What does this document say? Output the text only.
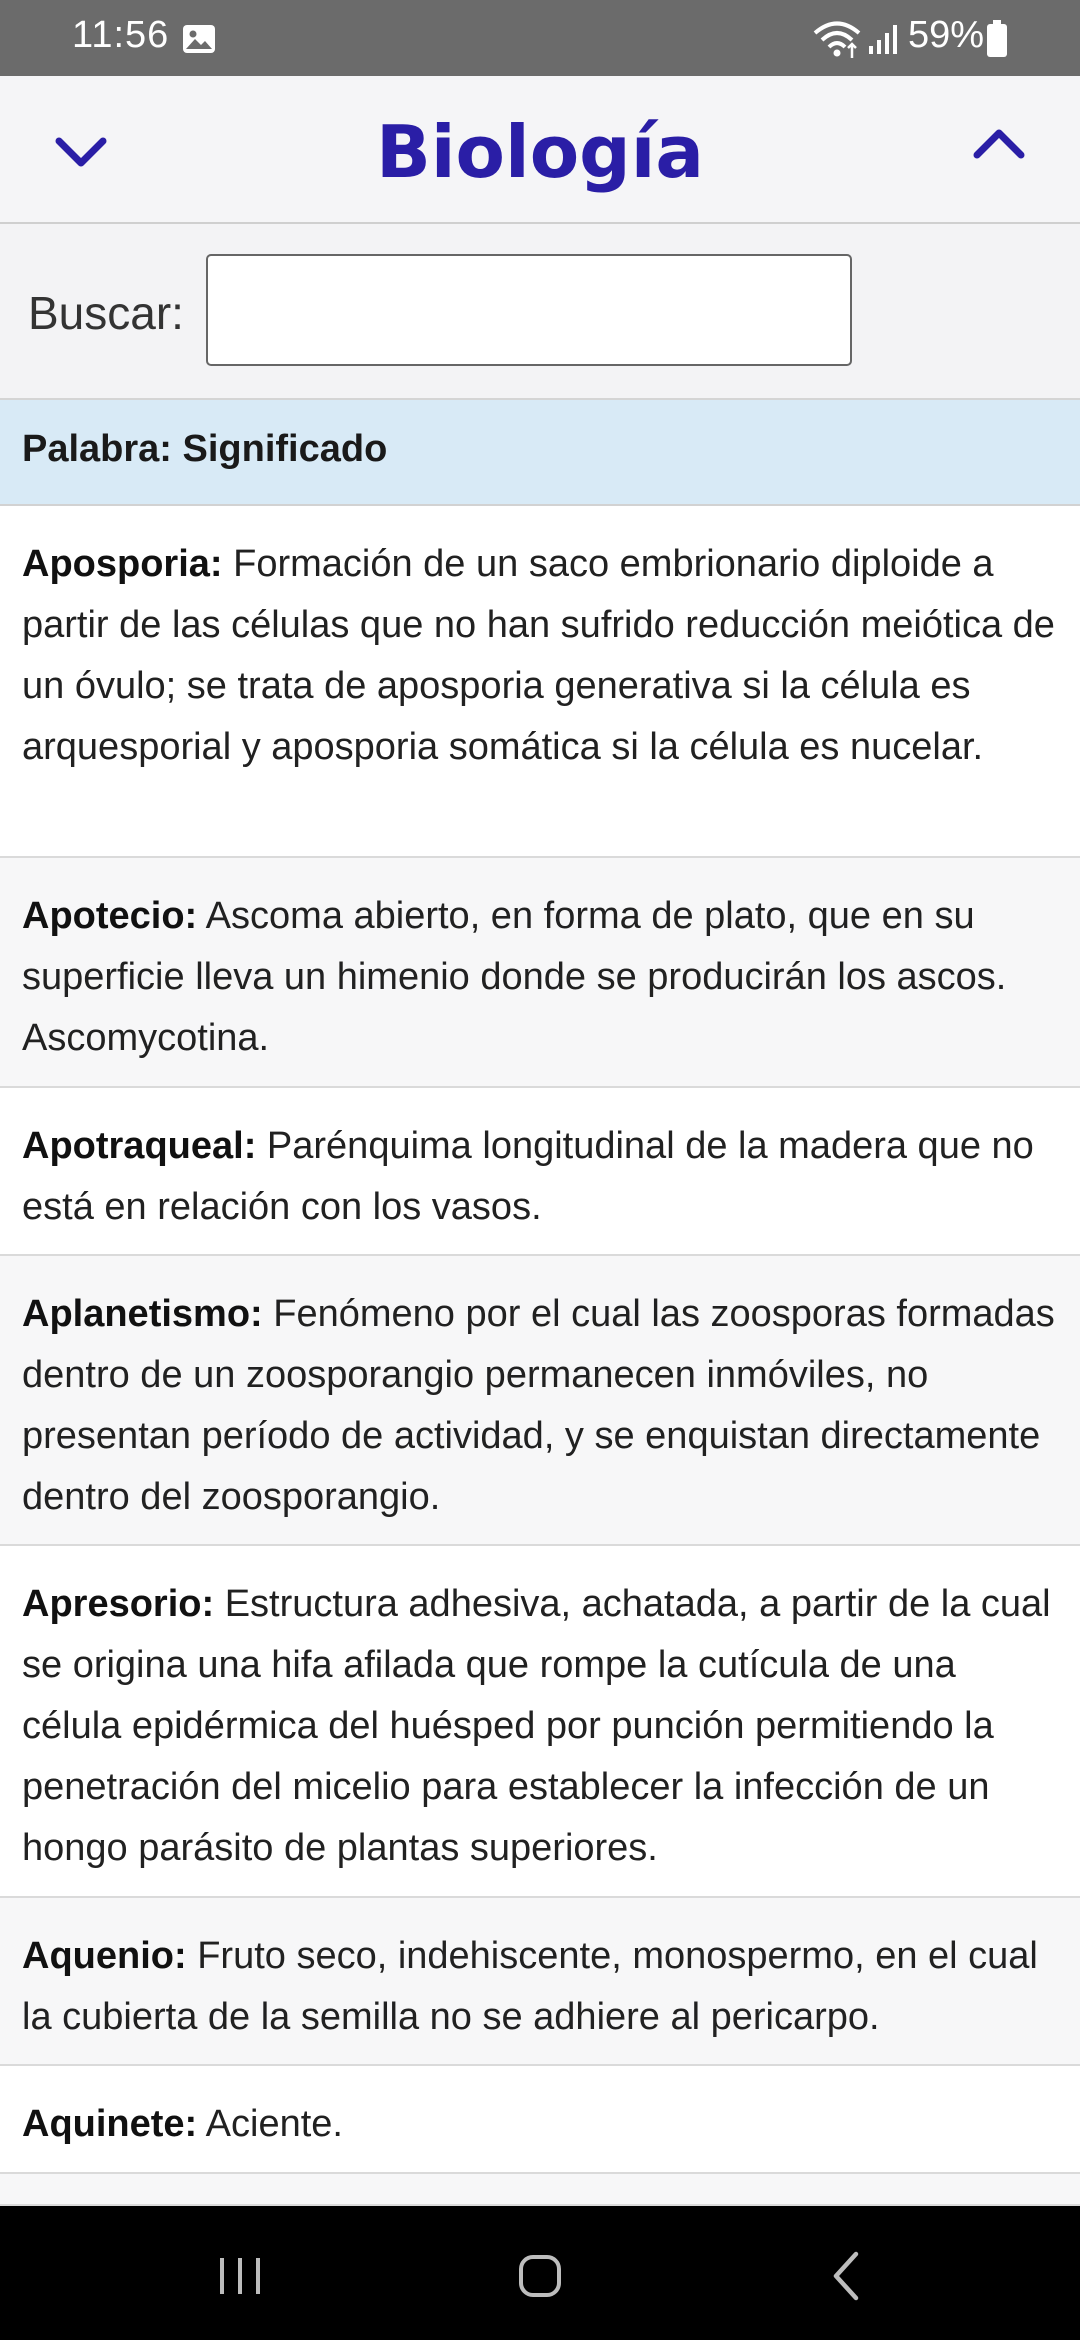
11:56	59%
Biología
Buscar:
Palabra: Significado
Aposporia: Formación de un saco embrionario diploide a partir de las células que no han sufrido reducción meiótica de un óvulo; se trata de aposporia generativa si la célula es arquesporial y aposporia somática si la célula es nucelar.
Apotecio: Ascoma abierto, en forma de plato, que en su superficie lleva un himenio donde se producirán los ascos. Ascomycotina.
Apotraqueal: Parénquima longitudinal de la madera que no está en relación con los vasos.
Aplanetismo: Fenómeno por el cual las zoosporas formadas dentro de un zoosporangio permanecen inmóviles, no presentan período de actividad, y se enquistan directamente dentro del zoosporangio.
Apresorio: Estructura adhesiva, achatada, a partir de la cual se origina una hifa afilada que rompe la cutícula de una célula epidérmica del huésped por punción permitiendo la penetración del micelio para establecer la infección de un hongo parásito de plantas superiores.
Aquenio: Fruto seco, indehiscente, monospermo, en el cual la cubierta de la semilla no se adhiere al pericarpo.
Aquinete: Aciente.
